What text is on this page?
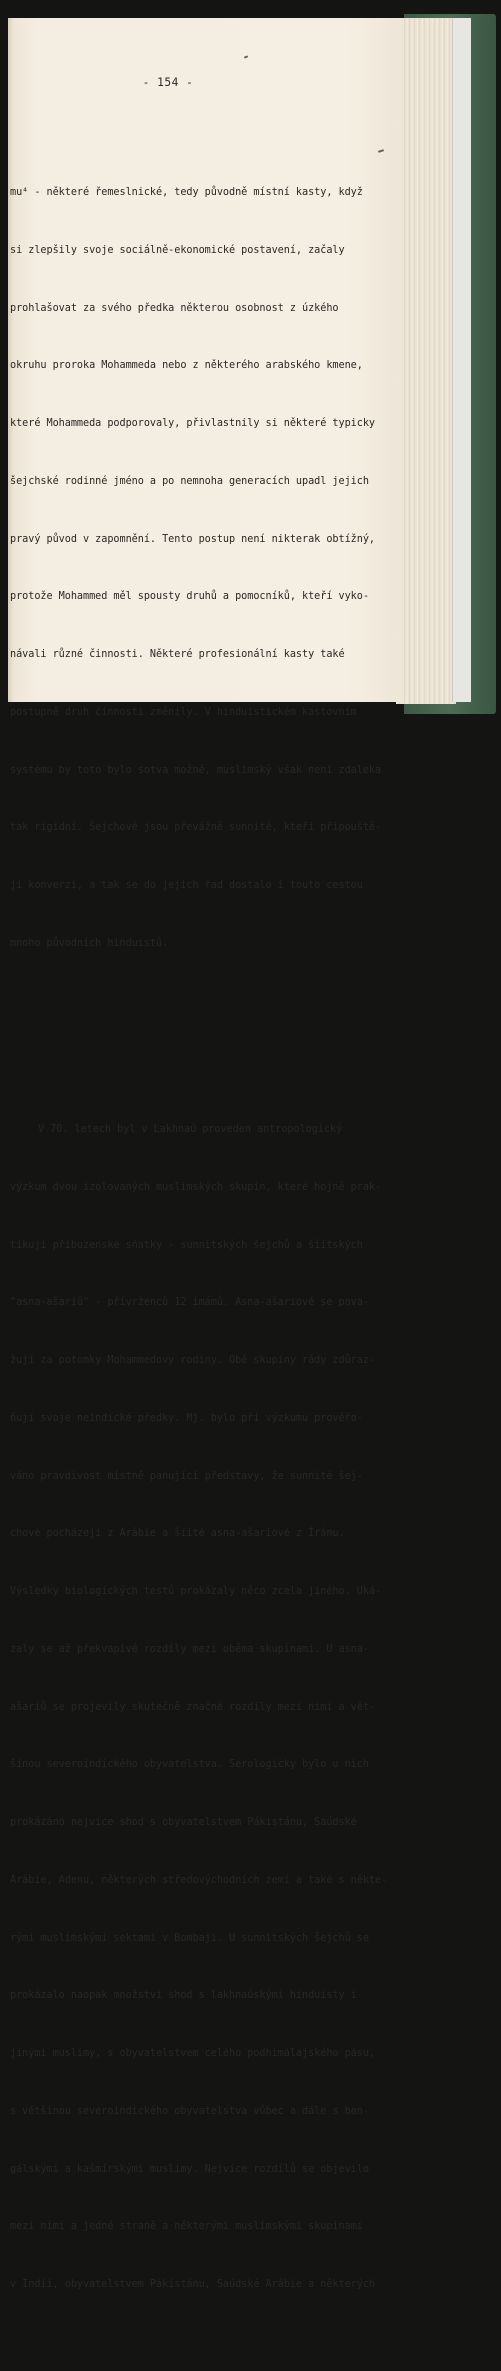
- 154 -

mu⁴ - některé řemeslnické, tedy původně místní kasty, když

si zlepšily svoje sociálně-ekonomické postavení, začaly

prohlašovat za svého předka některou osobnost z úzkého

okruhu proroka Mohammeda nebo z některého arabského kmene,

které Mohammeda podporovaly, přivlastnily si některé typicky

šejchské rodinné jméno a po nemnoha generacích upadl jejich

pravý původ v zapomnění. Tento postup není nikterak obtížný,

protože Mohammed měl spousty druhů a pomocníků, kteří vyko-

návali různé činnosti. Některé profesionální kasty také

postupně druh činnosti změnily. V hinduistickém kastovním

systému by toto bylo sotva možné, muslimský však není zdaleka

tak rigidní. Šejchové jsou převážně sunnité, kteří připouště-

jí konverzi, a tak se do jejich řad dostalo i touto cestou

mnoho původních hinduistů.

V 70. letech byl v Lakhnaú proveden antropologický

výzkum dvou izolovaných muslimských skupin, které hojně prak-

tikují příbuzenské sňatky - sunnitských šejchů a šíitských

"asna-ašariů" - přívrženců 12 imámů. Asna-ašariové se pova-

žují za potomky Mohammedovy rodiny. Obě skupiny rády zdůraz-

ňují svoje neindické předky. Mj. bylo při výzkumu prověřo-

váno pravdivost místně panující představy, že sunnité šej-

chové pocházejí z Arábie a šíité asna-ašariové z Íránu.

Výsledky biologických testů prokázaly něco zcela jiného. Uká-

zaly se až překvapivé rozdíly mezi oběma skupinami. U asna-

ašariů se projevily skutečně značné rozdíly mezi nimi a vět-

šinou severoindického obyvatelstva. Serologicky bylo u nich

prokázáno nejvíce shod s obyvatelstvem Pákistánu, Saúdské

Arábie, Adenu, některých středovýchodních zemí a také s někte-

rými muslimskými sektami v Bombaji. U sunnitských šejchů se

prokázalo naopak množství shod s lakhnaúskými hinduisty i

jinými muslimy, s obyvatelstvem celého podhimálajského pásu,

s většinou severoindického obyvatelstva vůbec a dále s ben-

gálskými a kašmírskými muslimy. Nejvíce rozdílů se objevilo

mezi nimi a jedné straně a některými muslimskými skupinami

v Indii, obyvatelstvem Pákistánu, Saúdské Arábie a některých
